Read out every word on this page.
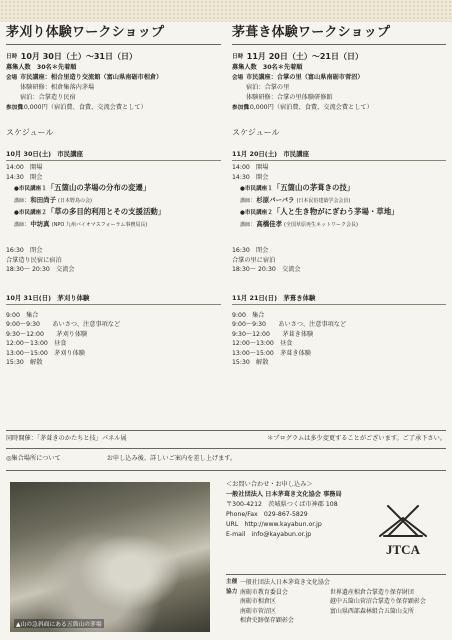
茅刈り体験ワークショップ
日時 10月 30日（土）～31日（日）
募集人数　30名＊先着順
会場 市民講座：相合里造り交流館（富山県南砺市相倉）
体験研修：相倉集落内茅場
宿泊：合掌造り民宿
参加費 10,000円（宿泊費、食費、交流会費として）
スケジュール
10月 30日(土)　市民講座
14:00　開場
14:30　開会
●市民講座１「五箇山の茅場の分布の変遷」
講師：和田尚子 (日本野鳥の会)
●市民講座２「草の多目的利用とその支援活動」
講師：中坊真 (NPO 九州バイオマスフォーラム事務局長)
16:30　閉会
合掌造り民宿に宿泊
18:30～ 20:30　交流会
10月 31日(日)　茅刈り体験
9:00　集合
9:00～9:30　　あいさつ、注意事項など
9:30～12:00　　茅刈り体験
12:00～13:00　昼食
13:00～15:00　茅刈り体験
15:30　解散
茅葺き体験ワークショップ
日時 11月 20日（土）～21日（日）
募集人数　30名＊先着順
会場 市民講座：合掌の里（富山県南砺市菅沼）
宿泊：合掌の里
体験研修：合掌の里体験研修館
参加費 10,000円（宿泊費、食費、交流会費として）
スケジュール
11月 20日(土)　市民講座
14:00　開場
14:30　開会
●市民講座１「五箇山の茅葺きの技」
講師：杉原バーバラ (日本民俗建築学会会員)
●市民講座２「人と生き物がにぎわう茅場・草地」
講師：高橋佳孝 (全国草原再生ネットワーク会長)
16:30　閉会
合掌の里に宿泊
18:30～ 20:30　交流会
11月 21日(日)　茅葺き体験
9:00　集合
9:00～9:30　　あいさつ、注意事項など
9:30～12:00　　茅葺き体験
12:00～13:00　昼食
13:00～15:00　茅葺き体験
15:30　解散
同時開催：「茅葺きのかたちと技」パネル展	＊プログラムは多少変更することがございます。ご了承下さい。
◎集合場所について	お申し込み後、詳しいご案内を差し上げます。
▲山の急斜面にある五箇山の茅場
＜お問い合わせ・お申し込み＞
一般社団法人 日本茅葺き文化協会 事務局
〒300-4212　茨城県つくば市神郡 108
Phone/Fax　029-867-5829
URL　http://www.kayabun.or.jp
E-mail　info@kayabun.or.jp
JTCA
主催 一般社団法人日本茅葺き文化協会
協力 南砺市教育委員会	世界遺産相倉合掌造り保存財団
南砺市相倉区	越中五箇山菅沼合掌造り保存顕彰会
南砺市菅沼区	富山県西部森林組合五箇山支所
相倉史跡保存顕彰会
